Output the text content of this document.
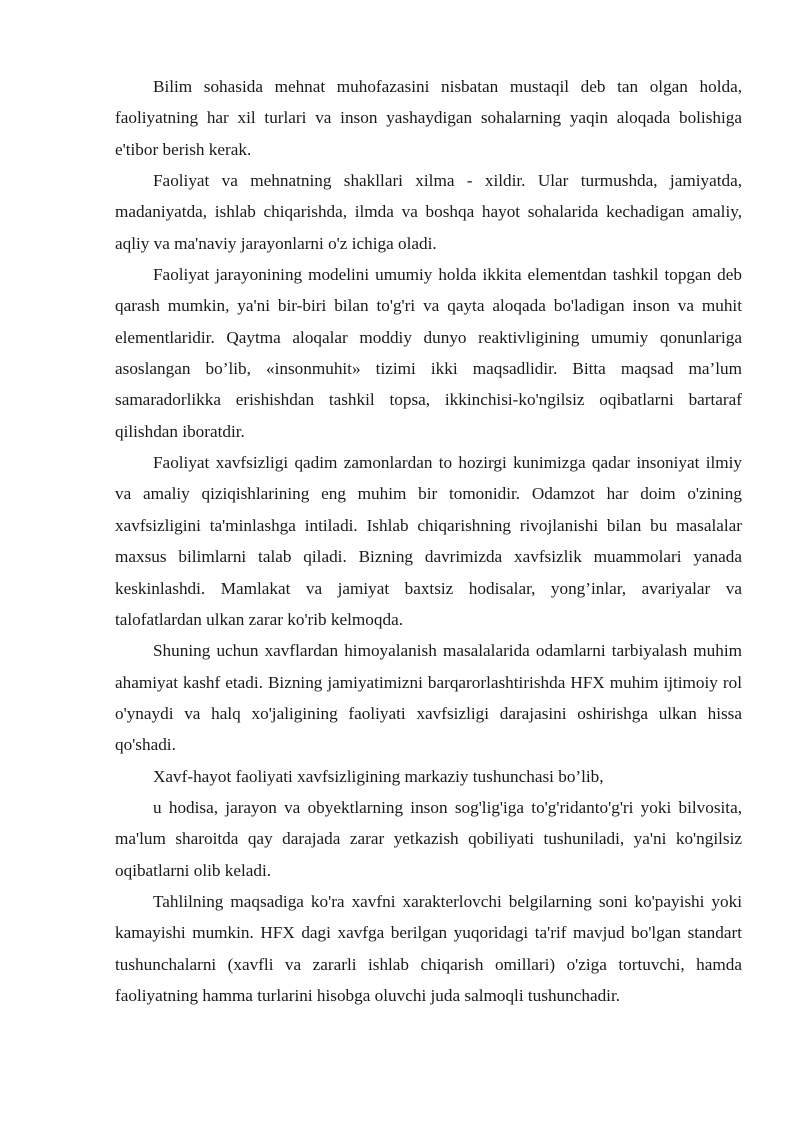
Bilim sohasida mehnat muhofazasini nisbatan mustaqil deb tan olgan holda, faoliyatning har xil turlari va inson yashaydigan sohalarning yaqin aloqada bolishiga e'tibor berish kerak.

Faoliyat va mehnatning shakllari xilma - xildir. Ular turmushda, jamiyatda, madaniyatda, ishlab chiqarishda, ilmda va boshqa hayot sohalarida kechadigan amaliy, aqliy va ma'naviy jarayonlarni o'z ichiga oladi.

Faoliyat jarayonining modelini umumiy holda ikkita elementdan tashkil topgan deb qarash mumkin, ya'ni bir-biri bilan to'g'ri va qayta aloqada bo'ladigan inson va muhit elementlaridir. Qaytma aloqalar moddiy dunyo reaktivligining umumiy qonunlariga asoslangan bo’lib, «insonmuhit» tizimi ikki maqsadlidir. Bitta maqsad ma’lum samaradorlikka erishishdan tashkil topsa, ikkinchisi-ko'ngilsiz oqibatlarni bartaraf qilishdan iboratdir.

Faoliyat xavfsizligi qadim zamonlardan to hozirgi kunimizga qadar insoniyat ilmiy va amaliy qiziqishlarining eng muhim bir tomonidir. Odamzot har doim o'zining xavfsizligini ta'minlashga intiladi. Ishlab chiqarishning rivojlanishi bilan bu masalalar maxsus bilimlarni talab qiladi. Bizning davrimizda xavfsizlik muammolari yanada keskinlashdi. Mamlakat va jamiyat baxtsiz hodisalar, yong’inlar, avariyalar va talofatlardan ulkan zarar ko'rib kelmoqda.

Shuning uchun xavflardan himoyalanish masalalarida odamlarni tarbiyalash muhim ahamiyat kashf etadi. Bizning jamiyatimizni barqarorlashtirishda HFX muhim ijtimoiy rol o'ynaydi va halq xo'jaligining faoliyati xavfsizligi darajasini oshirishga ulkan hissa qo'shadi.

Xavf-hayot faoliyati xavfsizligining markaziy tushunchasi bo’lib,

u hodisa, jarayon va obyektlarning inson sog'lig'iga to'g'ridanto'g'ri yoki bilvosita, ma'lum sharoitda qay darajada zarar yetkazish qobiliyati tushuniladi, ya'ni ko'ngilsiz oqibatlarni olib keladi.

Tahlilning maqsadiga ko'ra xavfni xarakterlovchi belgilarning soni ko'payishi yoki kamayishi mumkin. HFX dagi xavfga berilgan yuqoridagi ta'rif mavjud bo'lgan standart tushunchalarni (xavfli va zararli ishlab chiqarish omillari) o'ziga tortuvchi, hamda faoliyatning hamma turlarini hisobga oluvchi juda salmoqli tushunchadir.
